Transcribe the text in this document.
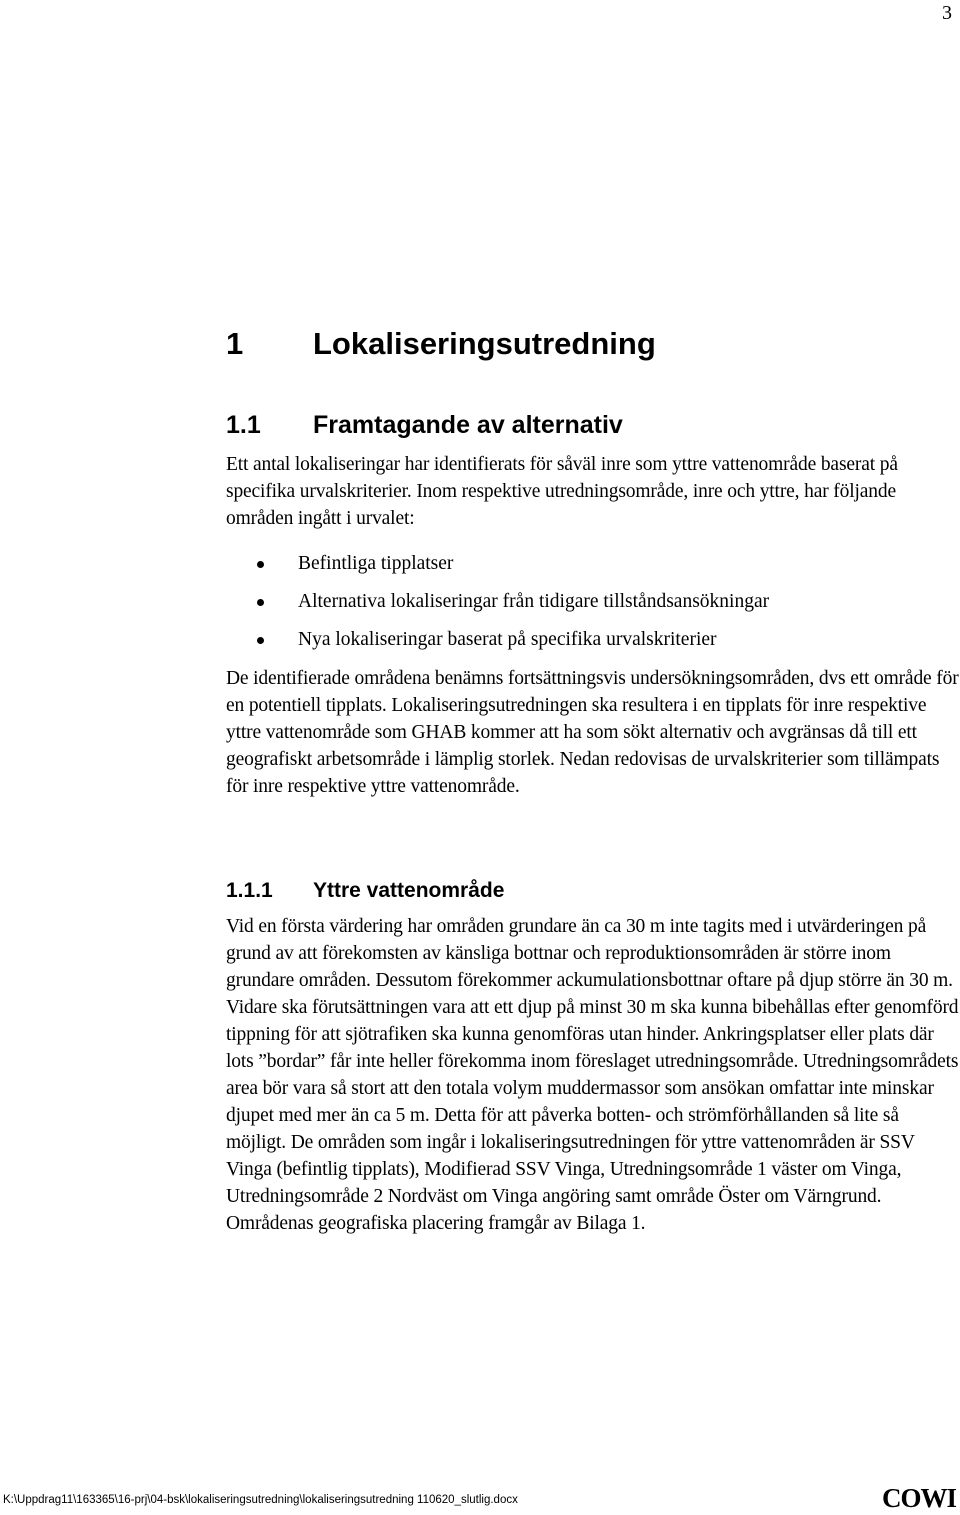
3
1 Lokaliseringsutredning
1.1 Framtagande av alternativ

Ett antal lokaliseringar har identifierats för såväl inre som yttre vattenområde baserat på specifika urvalskriterier. Inom respektive utredningsområde, inre och yttre, har följande områden ingått i urvalet:

Befintliga tipplatser
Alternativa lokaliseringar från tidigare tillståndsansökningar
Nya lokaliseringar baserat på specifika urvalskriterier

De identifierade områdena benämns fortsättningsvis undersökningsområden, dvs ett område för en potentiell tipplats. Lokaliseringsutredningen ska resultera i en tipplats för inre respektive yttre vattenområde som GHAB kommer att ha som sökt alternativ och avgränsas då till ett geografiskt arbetsområde i lämplig storlek. Nedan redovisas de urvalskriterier som tillämpats för inre respektive yttre vattenområde.

1.1.1 Yttre vattenområde

Vid en första värdering har områden grundare än ca 30 m inte tagits med i utvärderingen på grund av att förekomsten av känsliga bottnar och reproduktionsområden är större inom grundare områden. Dessutom förekommer ackumulationsbottnar oftare på djup större än 30 m. Vidare ska förutsättningen vara att ett djup på minst 30 m ska kunna bibehållas efter genomförd tippning för att sjötrafiken ska kunna genomföras utan hinder. Ankringsplatser eller plats där lots ”bordar” får inte heller förekomma inom föreslaget utredningsområde. Utredningsområdets area bör vara så stort att den totala volym muddermassor som ansökan omfattar inte minskar djupet med mer än ca 5 m. Detta för att påverka botten- och strömförhållanden så lite så möjligt. De områden som ingår i lokaliseringsutredningen för yttre vattenområden är SSV Vinga (befintlig tipplats), Modifierad SSV Vinga, Utredningsområde 1 väster om Vinga, Utredningsområde 2 Nordväst om Vinga angöring samt område Öster om Värngrund. Områdenas geografiska placering framgår av Bilaga 1.

K:\Uppdrag11\163365\16-prj\04-bsk\lokaliseringsutredning\lokaliseringsutredning 110620_slutlig.docx	COWI
